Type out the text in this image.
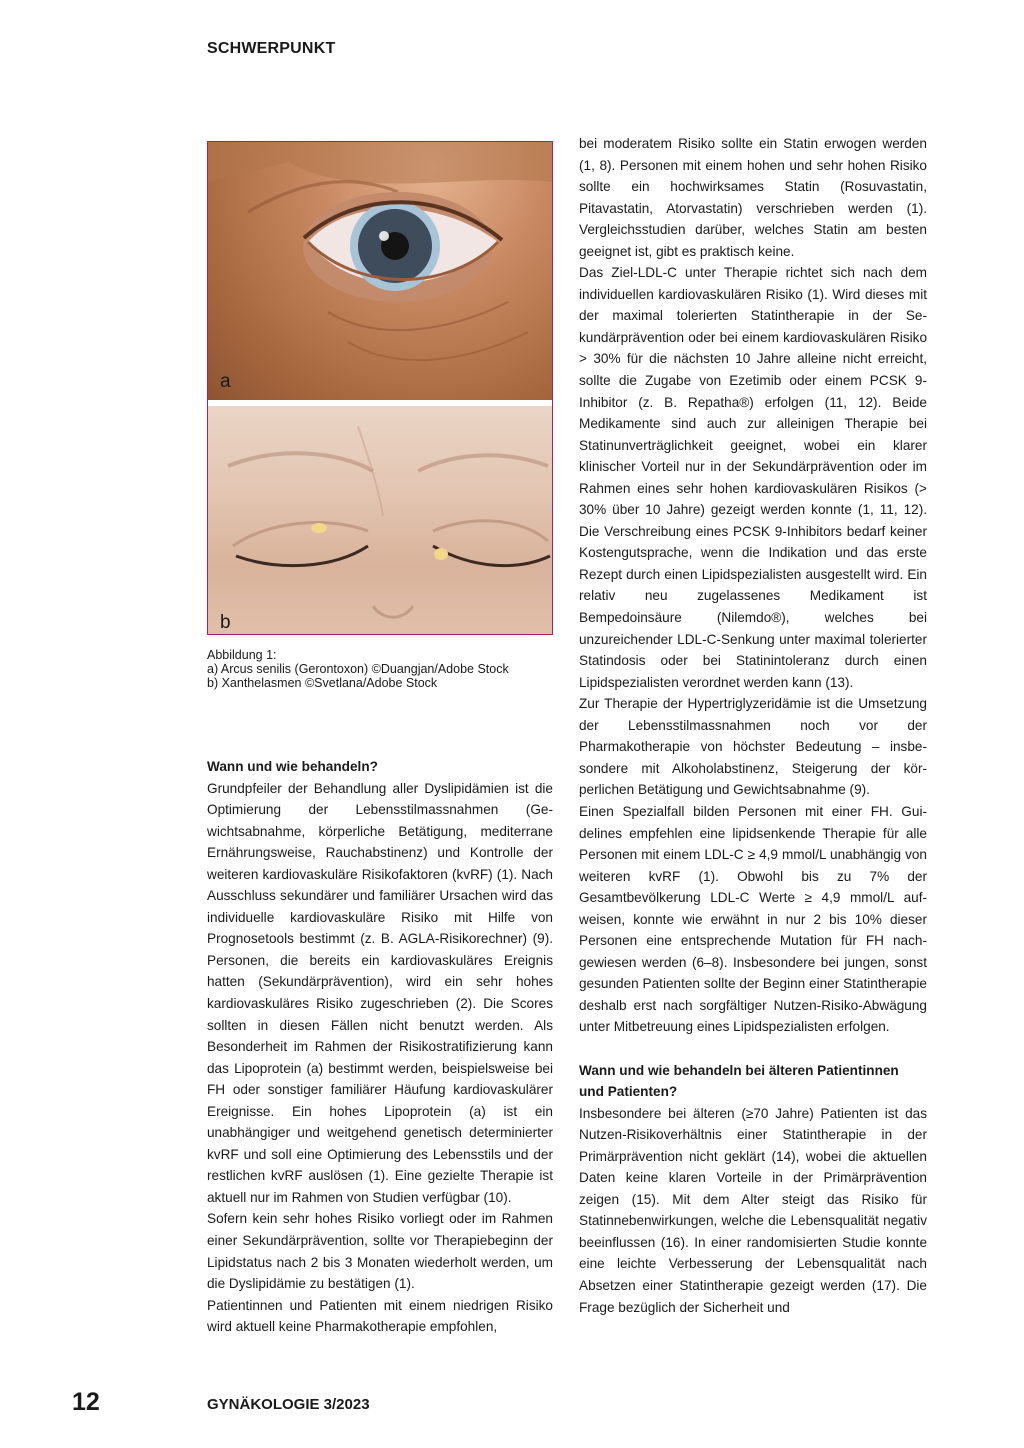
SCHWERPUNKT
a
b
Abbildung 1:
a) Arcus senilis (Gerontoxon) ©Duangjan/Adobe Stock
b) Xanthelasmen ©Svetlana/Adobe Stock
Wann und wie behandeln?

Grundpfeiler der Behandlung aller Dyslipidämien ist die Optimierung der Lebensstilmassnahmen (Gewichtsabnahme, körperliche Betätigung, mediterrane Ernährungsweise, Rauchabstinenz) und Kontrolle der weiteren kardiovaskuläre Risikofaktoren (kvRF) (1). Nach Ausschluss sekundärer und familiärer Ursachen wird das individuelle kardiovaskuläre Risiko mit Hilfe von Prognosetools bestimmt (z. B. AGLA-Risikorechner) (9). Personen, die bereits ein kardiovaskuläres Ereignis hatten (Sekundärprävention), wird ein sehr hohes kardiovaskuläres Risiko zugeschrieben (2). Die Scores sollten in diesen Fällen nicht benutzt werden. Als Besonderheit im Rahmen der Risikostratifizierung kann das Lipoprotein (a) bestimmt werden, beispielsweise bei FH oder sonstiger familiärer Häufung kardiovaskulärer Ereignisse. Ein hohes Lipoprotein (a) ist ein unabhängiger und weitgehend genetisch determinierter kvRF und soll eine Optimierung des Lebensstils und der restlichen kvRF auslösen (1). Eine gezielte Therapie ist aktuell nur im Rahmen von Studien verfügbar (10).

Sofern kein sehr hohes Risiko vorliegt oder im Rahmen einer Sekundärprävention, sollte vor Therapiebeginn der Lipidstatus nach 2 bis 3 Monaten wiederholt werden, um die Dyslipidämie zu bestätigen (1).

Patientinnen und Patienten mit einem niedrigen Risiko wird aktuell keine Pharmakotherapie empfohlen,

bei moderatem Risiko sollte ein Statin erwogen werden (1, 8). Personen mit einem hohen und sehr hohen Risiko sollte ein hochwirksames Statin (Rosuvastatin, Pitavastatin, Atorvastatin) verschrieben werden (1). Vergleichsstudien darüber, welches Statin am besten geeignet ist, gibt es praktisch keine.

Das Ziel-LDL-C unter Therapie richtet sich nach dem individuellen kardiovaskulären Risiko (1). Wird dieses mit der maximal tolerierten Statintherapie in der Sekundärprävention oder bei einem kardiovaskulären Risiko > 30% für die nächsten 10 Jahre alleine nicht erreicht, sollte die Zugabe von Ezetimib oder einem PCSK 9-Inhibitor (z. B. Repatha®) erfolgen (11, 12). Beide Medikamente sind auch zur alleinigen Therapie bei Statinunverträglichkeit geeignet, wobei ein klarer klinischer Vorteil nur in der Sekundärprävention oder im Rahmen eines sehr hohen kardiovaskulären Risikos (> 30% über 10 Jahre) gezeigt werden konnte (1, 11, 12). Die Verschreibung eines PCSK 9-Inhibitors bedarf keiner Kostengutsprache, wenn die Indikation und das erste Rezept durch einen Lipidspezialisten ausgestellt wird. Ein relativ neu zugelassenes Medikament ist Bempedoinsäure (Nilemdo®), welches bei unzureichender LDL-C-Senkung unter maximal tolerierter Statindosis oder bei Statinintoleranz durch einen Lipidspezialisten verordnet werden kann (13).

Zur Therapie der Hypertriglyzeridämie ist die Umsetzung der Lebensstilmassnahmen noch vor der Pharmakotherapie von höchster Bedeutung – insbesondere mit Alkoholabstinenz, Steigerung der körperlichen Betätigung und Gewichtsabnahme (9).

Einen Spezialfall bilden Personen mit einer FH. Guidelines empfehlen eine lipidsenkende Therapie für alle Personen mit einem LDL-C ≥ 4,9 mmol/L unabhängig von weiteren kvRF (1). Obwohl bis zu 7% der Gesamtbevölkerung LDL-C Werte ≥ 4,9 mmol/L aufweisen, konnte wie erwähnt in nur 2 bis 10% dieser Personen eine entsprechende Mutation für FH nachgewiesen werden (6–8). Insbesondere bei jungen, sonst gesunden Patienten sollte der Beginn einer Statintherapie deshalb erst nach sorgfältiger Nutzen-Risiko-Abwägung unter Mitbetreuung eines Lipidspezialisten erfolgen.

Wann und wie behandeln bei älteren Patientinnen und Patienten?

Insbesondere bei älteren (≥70 Jahre) Patienten ist das Nutzen-Risikoverhältnis einer Statintherapie in der Primärprävention nicht geklärt (14), wobei die aktuellen Daten keine klaren Vorteile in der Primärprävention zeigen (15). Mit dem Alter steigt das Risiko für Statinnebenwirkungen, welche die Lebensqualität negativ beeinflussen (16). In einer randomisierten Studie konnte eine leichte Verbesserung der Lebensqualität nach Absetzen einer Statintherapie gezeigt werden (17). Die Frage bezüglich der Sicherheit und

12	GYNÄKOLOGIE 3/2023
